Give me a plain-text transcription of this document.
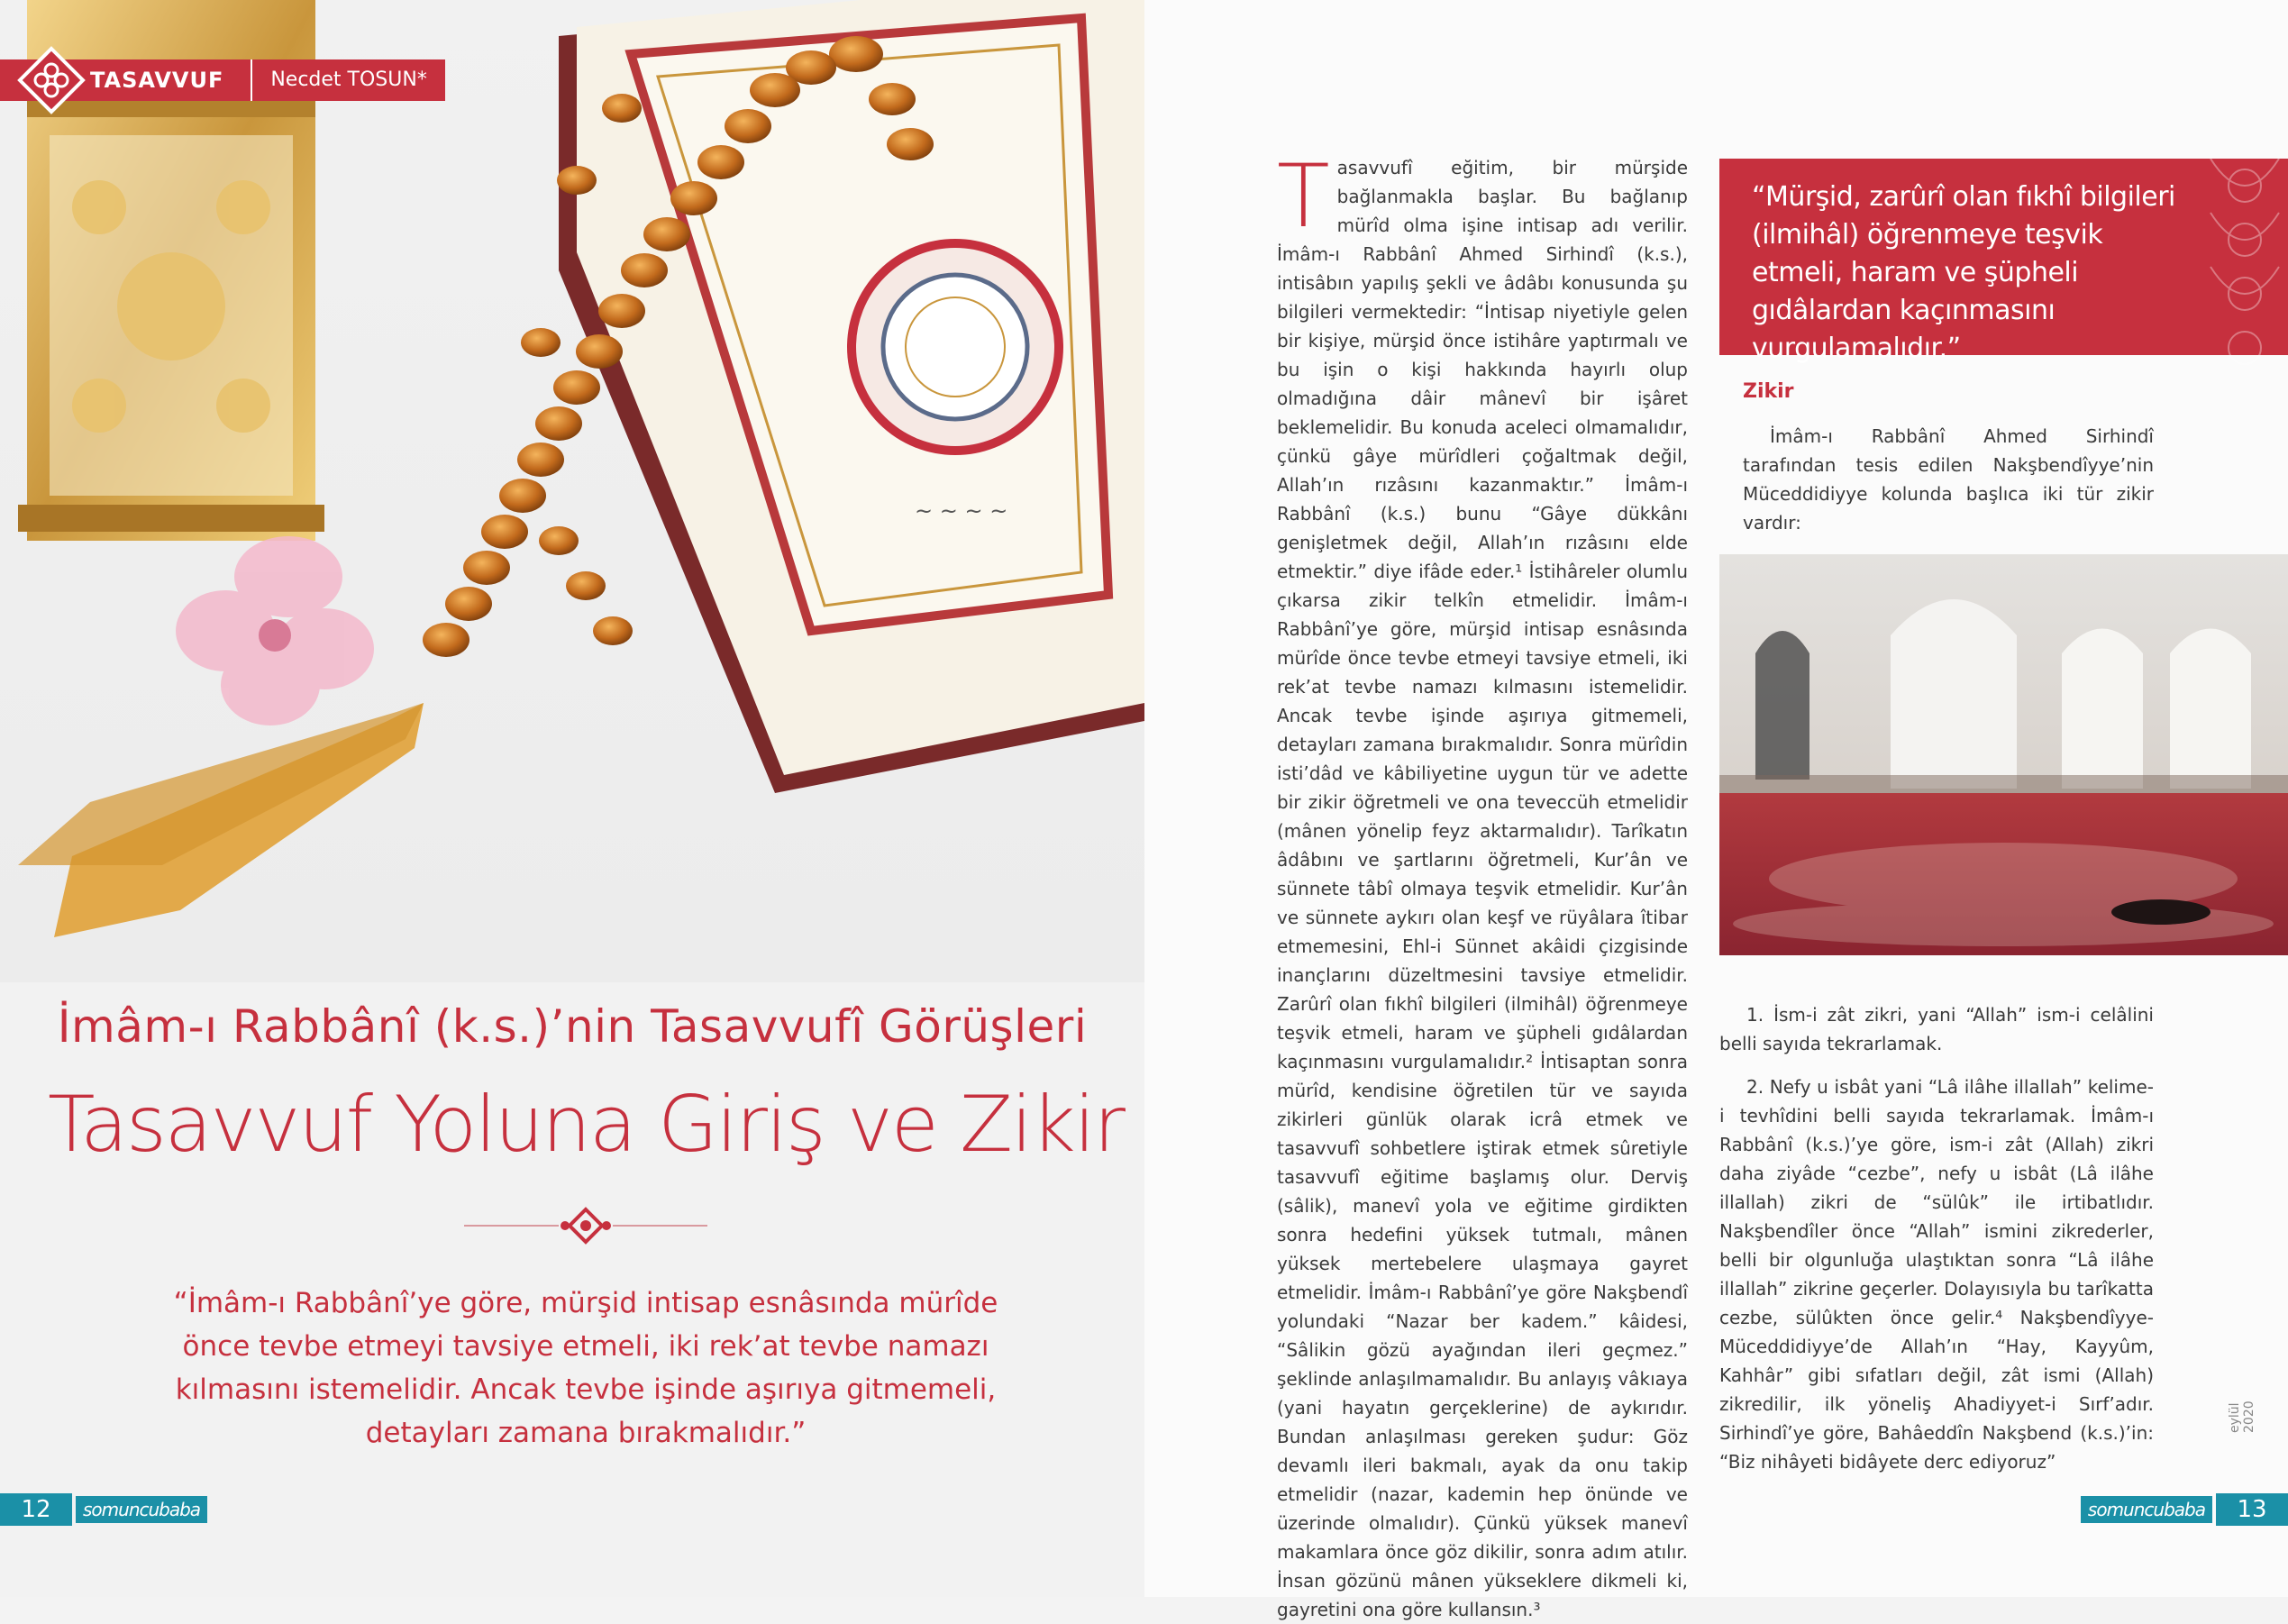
~ ~ ~ ~
TASAVVUF	Necdet TOSUN*
İmâm-ı Rabbânî (k.s.)’nin Tasavvufî Görüşleri
Tasavvuf Yoluna Giriş ve Zikir
“İmâm-ı Rabbânî’ye göre, mürşid intisap esnâsında mürîde önce tevbe etmeyi tavsiye etmeli, iki rek’at tevbe namazı kılmasını istemelidir. Ancak tevbe işinde aşırıya gitmemeli, detayları zamana bırakmalıdır.”
12	somuncubaba
Tasavvufî eğitim, bir mürşide bağlanmakla başlar. Bu bağlanıp mürîd olma işine intisap adı verilir. İmâm-ı Rabbânî Ahmed Sirhindî (k.s.), intisâbın yapılış şekli ve âdâbı konusunda şu bilgileri vermektedir: “İntisap niyetiyle gelen bir kişiye, mürşid önce istihâre yaptırmalı ve bu işin o kişi hakkında hayırlı olup olmadığına dâir mânevî bir işâret beklemelidir. Bu konuda aceleci olmamalıdır, çünkü gâye mürîdleri çoğaltmak değil, Allah’ın rızâsını kazanmaktır.” İmâm-ı Rabbânî (k.s.) bunu “Gâye dükkânı genişletmek değil, Allah’ın rızâsını elde etmektir.” diye ifâde eder.¹ İstihâreler olumlu çıkarsa zikir telkîn etmelidir. İmâm-ı Rabbânî’ye göre, mürşid intisap esnâsında mürîde önce tevbe etmeyi tavsiye etmeli, iki rek’at tevbe namazı kılmasını istemelidir. Ancak tevbe işinde aşırıya gitmemeli, detayları zamana bırakmalıdır. Sonra mürîdin isti’dâd ve kâbiliyetine uygun tür ve adette bir zikir öğretmeli ve ona teveccüh etmelidir (mânen yönelip feyz aktarmalıdır). Tarîkatın âdâbını ve şartlarını öğretmeli, Kur’ân ve sünnete tâbî olmaya teşvik etmelidir. Kur’ân ve sünnete aykırı olan keşf ve rüyâlara îtibar etmemesini, Ehl-i Sünnet akâidi çizgisinde inançlarını düzeltmesini tavsiye etmelidir. Zarûrî olan fıkhî bilgileri (ilmihâl) öğrenmeye teşvik etmeli, haram ve şüpheli gıdâlardan kaçınmasını vurgulamalıdır.² İntisaptan sonra mürîd, kendisine öğretilen tür ve sayıda zikirleri günlük olarak icrâ etmek ve tasavvufî sohbetlere iştirak etmek sûretiyle tasavvufî eğitime başlamış olur. Derviş (sâlik), manevî yola ve eğitime girdikten sonra hedefini yüksek tutmalı, mânen yüksek mertebelere ulaşmaya gayret etmelidir. İmâm-ı Rabbânî’ye göre Nakşbendî yolundaki “Nazar ber kadem.” kâidesi, “Sâlikin gözü ayağından ileri geçmez.” şeklinde anlaşılmamalıdır. Bu anlayış vâkıaya (yani hayatın gerçeklerine) de aykırıdır. Bundan anlaşılması gereken şudur: Göz devamlı ileri bakmalı, ayak da onu takip etmelidir (nazar, kademin hep önünde ve üzerinde olmalıdır). Çünkü yüksek manevî makamlara önce göz dikilir, sonra adım atılır. İnsan gözünü mânen yükseklere dikmeli ki, gayretini ona göre kullansın.³
“Mürşid, zarûrî olan fıkhî bilgileri (ilmihâl) öğrenmeye teşvik etmeli, haram ve şüpheli gıdâlardan kaçınmasını vurgulamalıdır.”
Zikir
İmâm-ı Rabbânî Ahmed Sirhindî tarafından tesis edilen Nakşbendîyye’nin Müceddidiyye kolunda başlıca iki tür zikir vardır:

1. İsm-i zât zikri, yani “Allah” ism-i celâlini belli sayıda tekrarlamak.

2. Nefy u isbât yani “Lâ ilâhe illallah” kelime-i tevhîdini belli sayıda tekrarlamak. İmâm-ı Rabbânî (k.s.)’ye göre, ism-i zât (Allah) zikri daha ziyâde “cezbe”, nefy u isbât (Lâ ilâhe illallah) zikri de “sülûk” ile irtibatlıdır. Nakşbendîler önce “Allah” ismini zikrederler, belli bir olgunluğa ulaştıktan sonra “Lâ ilâhe illallah” zikrine geçerler. Dolayısıyla bu tarîkatta cezbe, sülûkten önce gelir.⁴ Nakşbendîyye-Müceddidiyye’de Allah’ın “Hay, Kayyûm, Kahhâr” gibi sıfatları değil, zât ismi (Allah) zikredilir, ilk yöneliş Ahadiyyet-i Sırf’adır. Sirhindî’ye göre, Bahâeddîn Nakşbend (k.s.)’in: “Biz nihâyeti bidâyete derc ediyoruz”

eylül 2020
somuncubaba	13
